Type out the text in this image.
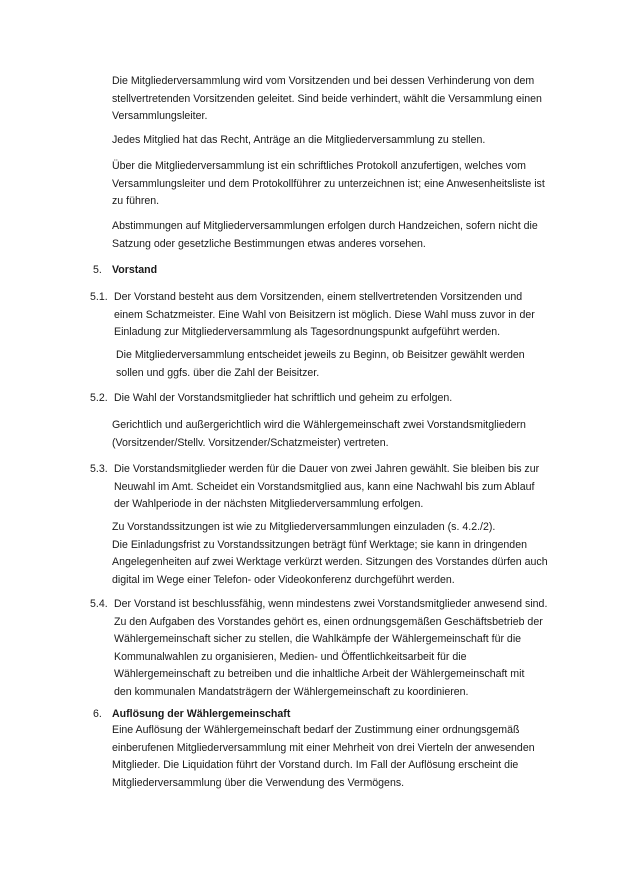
Die Mitgliederversammlung wird vom Vorsitzenden und bei dessen Verhinderung von dem
stellvertretenden Vorsitzenden geleitet. Sind beide verhindert, wählt die Versammlung einen
Versammlungsleiter.
Jedes Mitglied hat das Recht, Anträge an die Mitgliederversammlung zu stellen.
Über die Mitgliederversammlung ist ein schriftliches Protokoll anzufertigen, welches vom
Versammlungsleiter und dem Protokollführer zu unterzeichnen ist; eine Anwesenheitsliste ist
zu führen.
Abstimmungen auf Mitgliederversammlungen erfolgen durch Handzeichen, sofern nicht die
Satzung oder gesetzliche Bestimmungen etwas anderes vorsehen.
5. Vorstand
5.1. Der Vorstand besteht aus dem Vorsitzenden, einem stellvertretenden Vorsitzenden und
einem Schatzmeister. Eine Wahl von Beisitzern ist möglich. Diese Wahl muss zuvor in der
Einladung zur Mitgliederversammlung als Tagesordnungspunkt aufgeführt werden.
Die Mitgliederversammlung entscheidet jeweils zu Beginn, ob Beisitzer gewählt werden
sollen und ggfs. über die Zahl der Beisitzer.
5.2. Die Wahl der Vorstandsmitglieder hat schriftlich und geheim zu erfolgen.
Gerichtlich und außergerichtlich wird die Wählergemeinschaft zwei Vorstandsmitgliedern
(Vorsitzender/Stellv. Vorsitzender/Schatzmeister) vertreten.
5.3. Die Vorstandsmitglieder werden für die Dauer von zwei Jahren gewählt. Sie bleiben bis zur
Neuwahl im Amt. Scheidet ein Vorstandsmitglied aus, kann eine Nachwahl bis zum Ablauf
der Wahlperiode in der nächsten Mitgliederversammlung erfolgen.
Zu Vorstandssitzungen ist wie zu Mitgliederversammlungen einzuladen (s. 4.2./2).
Die Einladungsfrist zu Vorstandssitzungen beträgt fünf Werktage; sie kann in dringenden
Angelegenheiten auf zwei Werktage verkürzt werden. Sitzungen des Vorstandes dürfen auch
digital im Wege einer Telefon- oder Videokonferenz durchgeführt werden.
5.4. Der Vorstand ist beschlussfähig, wenn mindestens zwei Vorstandsmitglieder anwesend sind.
Zu den Aufgaben des Vorstandes gehört es, einen ordnungsgemäßen Geschäftsbetrieb der
Wählergemeinschaft sicher zu stellen, die Wahlkämpfe der Wählergemeinschaft für die
Kommunalwahlen zu organisieren, Medien- und Öffentlichkeitsarbeit für die
Wählergemeinschaft zu betreiben und die inhaltliche Arbeit der Wählergemeinschaft mit
den kommunalen Mandatsträgern der Wählergemeinschaft zu koordinieren.
6. Auflösung der Wählergemeinschaft
Eine Auflösung der Wählergemeinschaft bedarf der Zustimmung einer ordnungsgemäß
einberufenen Mitgliederversammlung mit einer Mehrheit von drei Vierteln der anwesenden
Mitglieder. Die Liquidation führt der Vorstand durch. Im Fall der Auflösung erscheint die
Mitgliederversammlung über die Verwendung des Vermögens.
